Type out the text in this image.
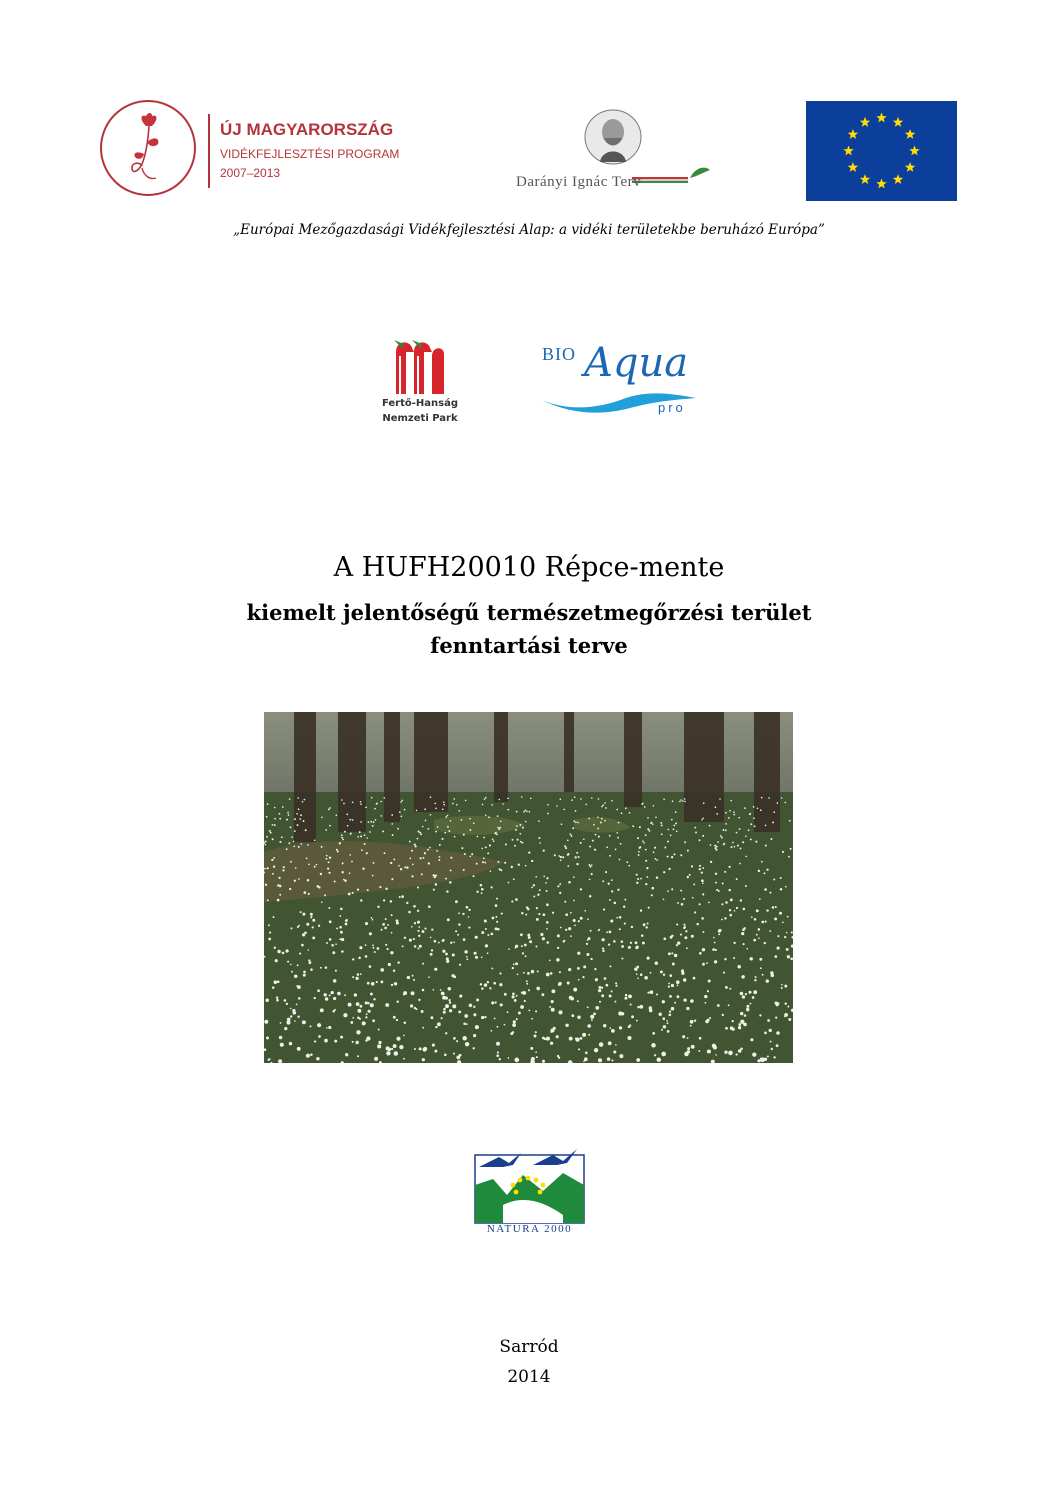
ÚJ MAGYARORSZÁG
VIDÉKFEJLESZTÉSI PROGRAM
2007–2013
Darányi Ignác Terv
„Európai Mezőgazdasági Vidékfejlesztési Alap: a vidéki területekbe beruházó Európa”
Fertő-Hanság
Nemzeti Park
BIO Aqua
pro
A HUFH20010 Répce-mente
kiemelt jelentőségű természetmegőrzési terület
fenntartási terve
NATURA 2000
Sarród
2014
